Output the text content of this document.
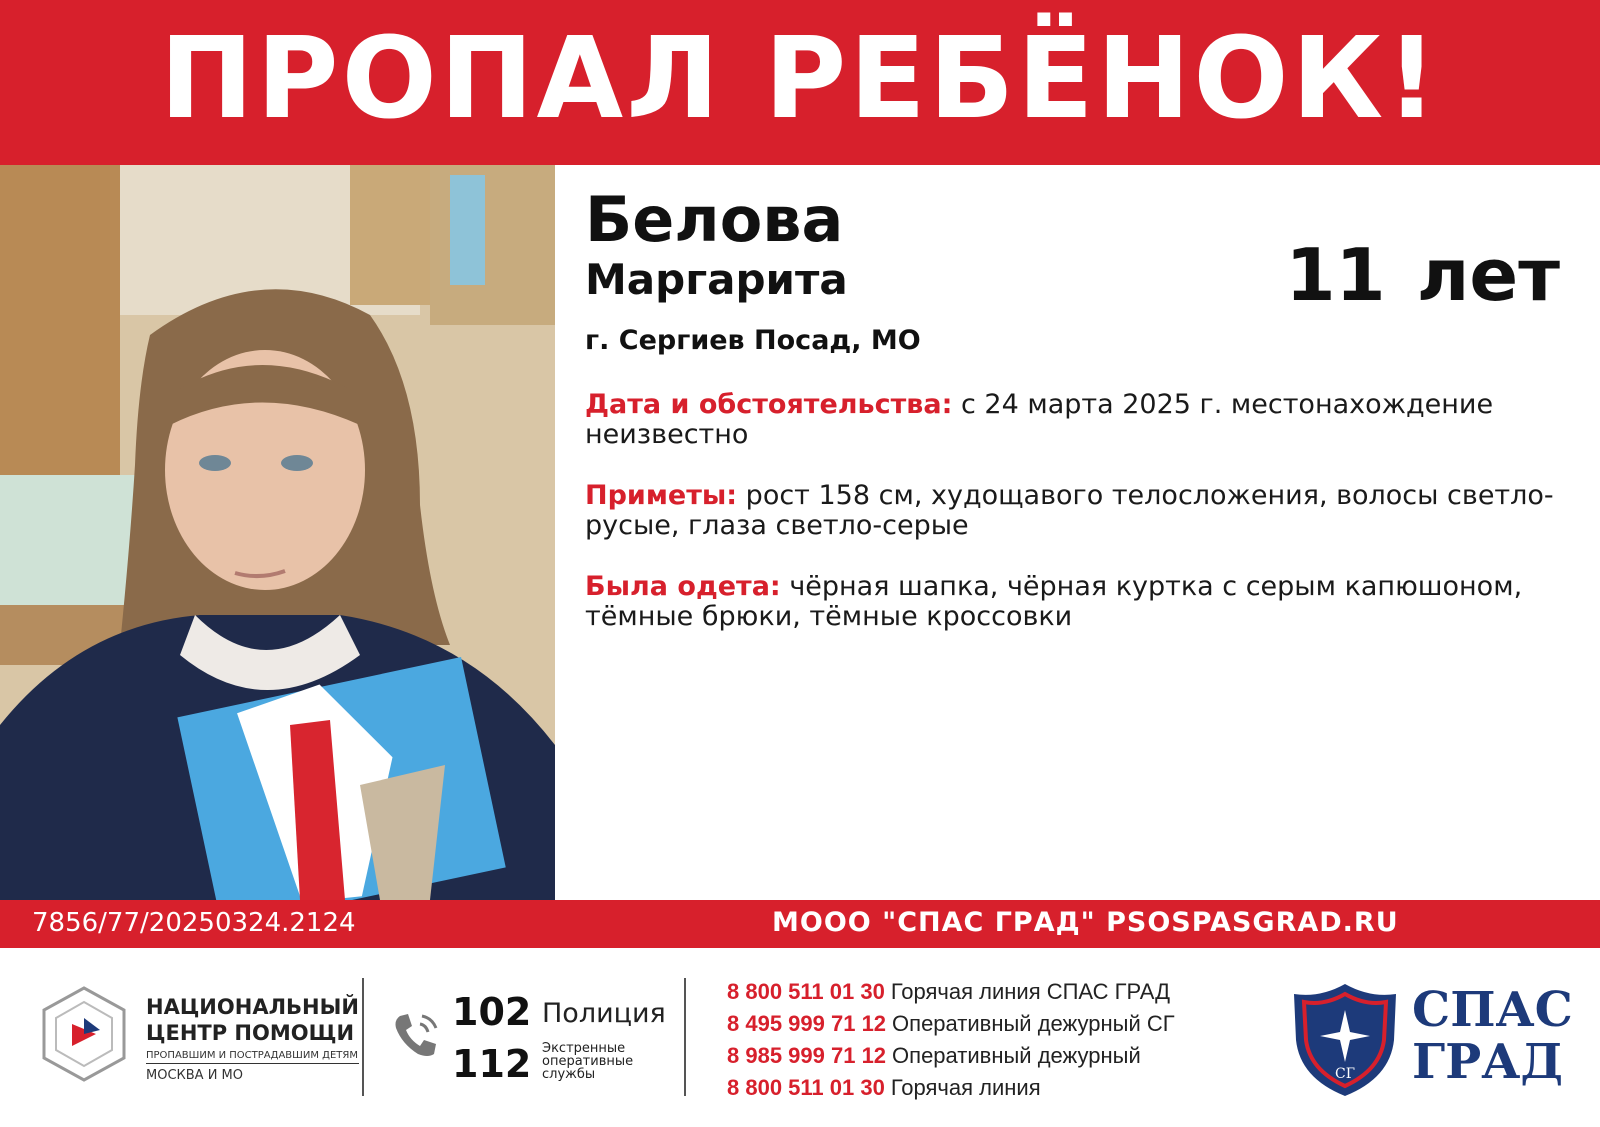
ПРОПАЛ РЕБЁНОК!
Белова
Маргарита	11 лет
г. Сергиев Посад, МО
Дата и обстоятельства: с 24 марта 2025 г. местонахождение неизвестно
Приметы: рост 158 см, худощавого телосложения, волосы светло-русые, глаза светло-серые
Была одета: чёрная шапка, чёрная куртка с серым капюшоном, тёмные брюки, тёмные кроссовки
7856/77/20250324.2124	МООО "СПАС ГРАД" PSOSPASGRAD.RU
НАЦИОНАЛЬНЫЙ
ЦЕНТР ПОМОЩИ
ПРОПАВШИМ И ПОСТРАДАВШИМ ДЕТЯМ
МОСКВА И МО
102 Полиция
112 Экстренные оперативные службы
8 800 511 01 30 Горячая линия СПАС ГРАД
8 495 999 71 12 Оперативный дежурный СГ
8 985 999 71 12 Оперативный дежурный
8 800 511 01 30 Горячая линия
СГ
СПАС
ГРАД
